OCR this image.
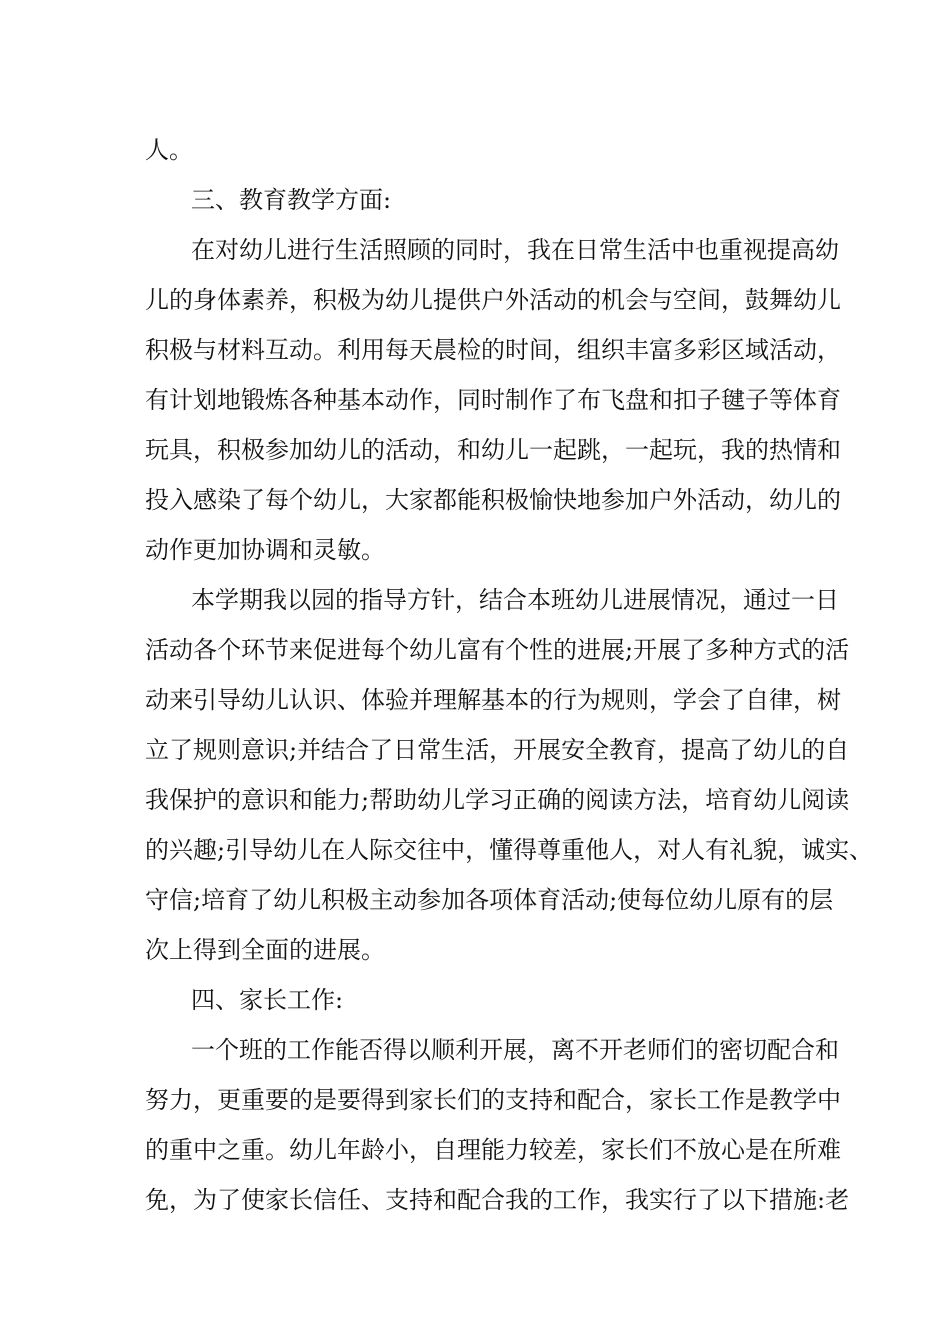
人。
三、教育教学方面:
在对幼儿进行生活照顾的同时，我在日常生活中也重视提高幼
儿的身体素养，积极为幼儿提供户外活动的机会与空间，鼓舞幼儿
积极与材料互动。利用每天晨检的时间，组织丰富多彩区域活动，
有计划地锻炼各种基本动作，同时制作了布飞盘和扣子毽子等体育
玩具，积极参加幼儿的活动，和幼儿一起跳，一起玩，我的热情和
投入感染了每个幼儿，大家都能积极愉快地参加户外活动，幼儿的
动作更加协调和灵敏。
本学期我以园的指导方针，结合本班幼儿进展情况，通过一日
活动各个环节来促进每个幼儿富有个性的进展;开展了多种方式的活
动来引导幼儿认识、体验并理解基本的行为规则，学会了自律，树
立了规则意识;并结合了日常生活，开展安全教育，提高了幼儿的自
我保护的意识和能力;帮助幼儿学习正确的阅读方法，培育幼儿阅读
的兴趣;引导幼儿在人际交往中，懂得尊重他人，对人有礼貌，诚实、
守信;培育了幼儿积极主动参加各项体育活动;使每位幼儿原有的层
次上得到全面的进展。
四、家长工作:
一个班的工作能否得以顺利开展，离不开老师们的密切配合和
努力，更重要的是要得到家长们的支持和配合，家长工作是教学中
的重中之重。幼儿年龄小，自理能力较差，家长们不放心是在所难
免，为了使家长信任、支持和配合我的工作，我实行了以下措施:老
